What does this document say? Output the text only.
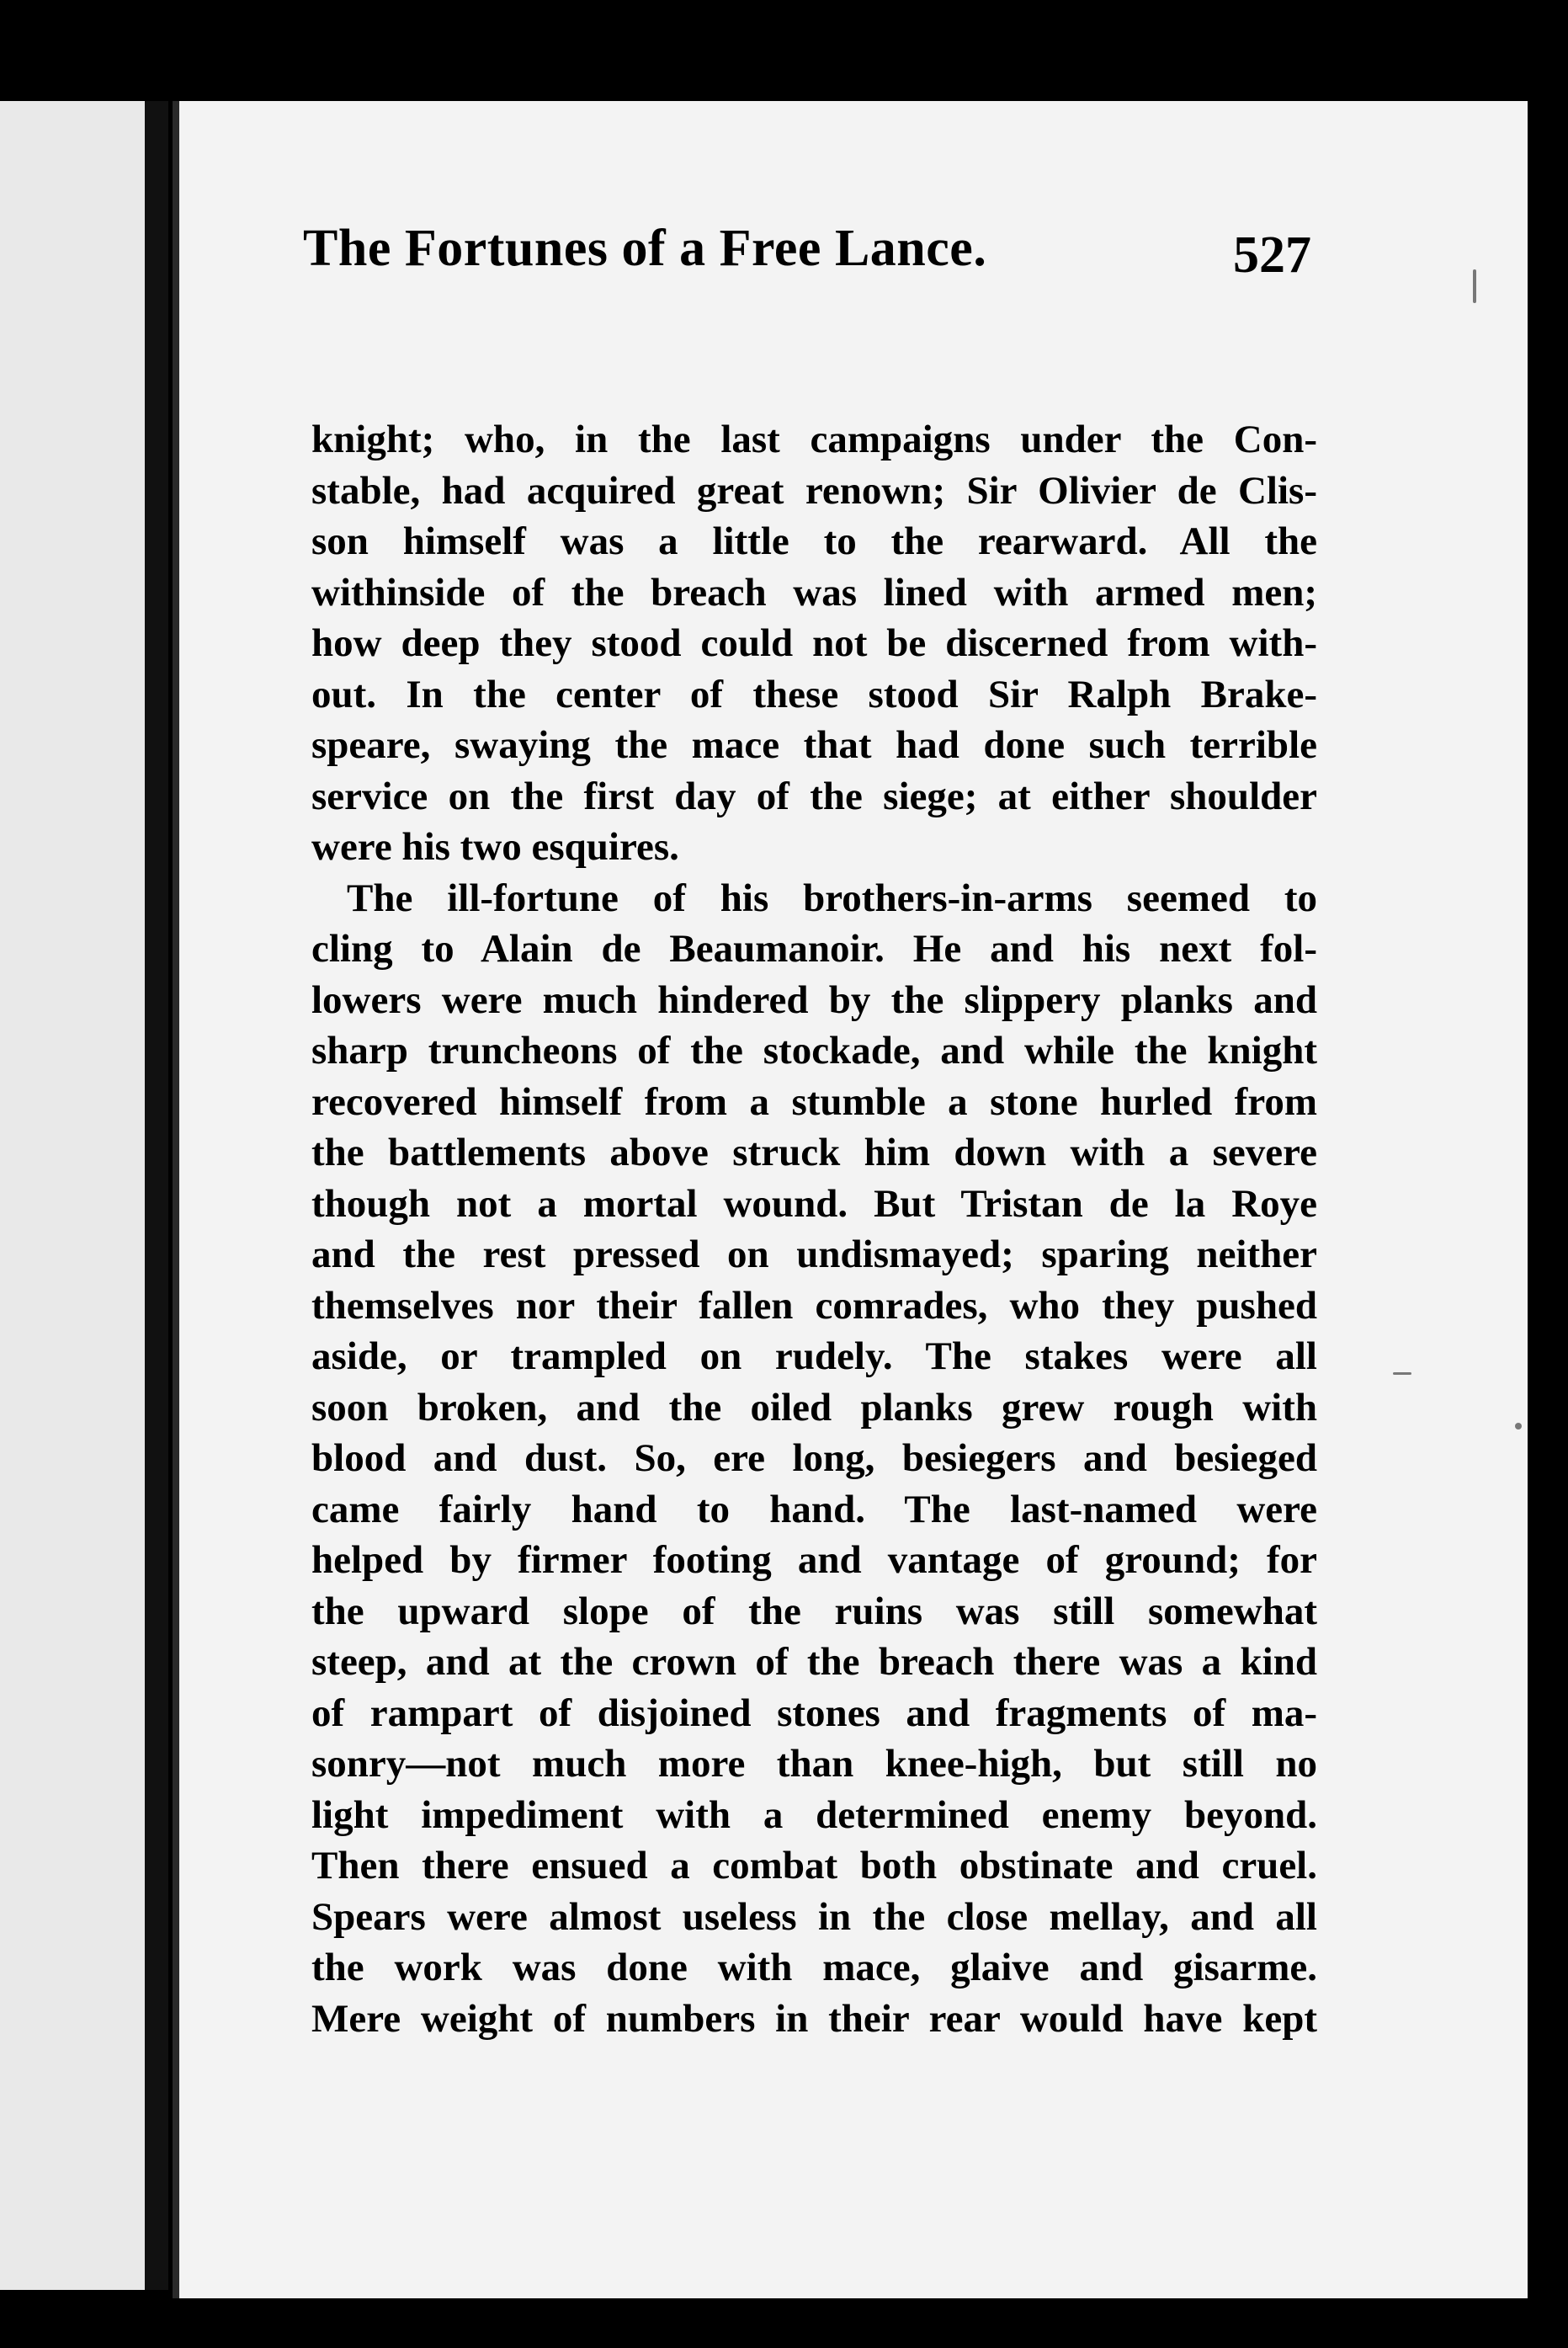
The Fortunes of a Free Lance.	527
knight; who, in the last campaigns under the Con-
stable, had acquired great renown; Sir Olivier de Clis-
son himself was a little to the rearward. All the
withinside of the breach was lined with armed men;
how deep they stood could not be discerned from with-
out. In the center of these stood Sir Ralph Brake-
speare, swaying the mace that had done such terrible
service on the first day of the siege; at either shoulder
were his two esquires.
The ill-fortune of his brothers-in-arms seemed to
cling to Alain de Beaumanoir. He and his next fol-
lowers were much hindered by the slippery planks and
sharp truncheons of the stockade, and while the knight
recovered himself from a stumble a stone hurled from
the battlements above struck him down with a severe
though not a mortal wound. But Tristan de la Roye
and the rest pressed on undismayed; sparing neither
themselves nor their fallen comrades, who they pushed
aside, or trampled on rudely. The stakes were all
soon broken, and the oiled planks grew rough with
blood and dust. So, ere long, besiegers and besieged
came fairly hand to hand. The last-named were
helped by firmer footing and vantage of ground; for
the upward slope of the ruins was still somewhat
steep, and at the crown of the breach there was a kind
of rampart of disjoined stones and fragments of ma-
sonry—not much more than knee-high, but still no
light impediment with a determined enemy beyond.
Then there ensued a combat both obstinate and cruel.
Spears were almost useless in the close mellay, and all
the work was done with mace, glaive and gisarme.
Mere weight of numbers in their rear would have kept
